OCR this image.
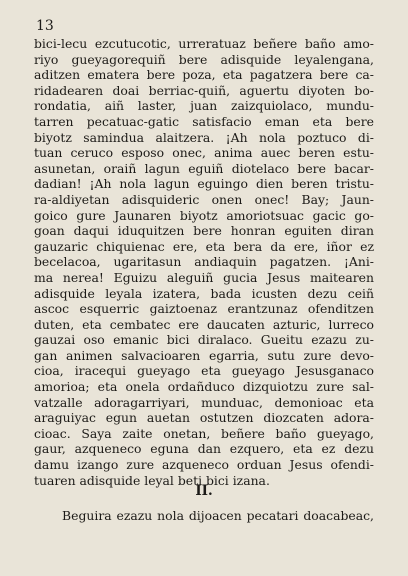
13
bici-lecu ezcutucotic, urreratuaz beñere baño amo-
riyo gueyagorequiñ bere adisquide leyalengana,
aditzen ematera bere poza, eta pagatzera bere ca-
ridadearen doai berriac-quiñ, aguertu diyoten bo-
rondatia, aiñ laster, juan zaizquiolaco, mundu-
tarren pecatuac-gatic satisfacio eman eta bere
biyotz samindua alaitzera. ¡Ah nola poztuco di-
tuan ceruco esposo onec, anima auec beren estu-
asunetan, oraiñ lagun eguiñ diotelaco bere bacar-
dadian! ¡Ah nola lagun eguingo dien beren tristu-
ra-aldiyetan adisquideric onen onec! Bay; Jaun-
goico gure Jaunaren biyotz amoriotsuac gacic go-
goan daqui iduquitzen bere honran eguiten diran
gauzaric chiquienac ere, eta bera da ere, iñor ez
becelacoa, ugaritasun andiaquin pagatzen. ¡Ani-
ma nerea! Eguizu aleguiñ gucia Jesus maitearen
adisquide leyala izatera, bada icusten dezu ceiñ
ascoc esquerric gaiztoenaz erantzunaz ofenditzen
duten, eta cembatec ere daucaten azturic, lurreco
gauzai oso emanic bici diralaco. Gueitu ezazu zu-
gan animen salvacioaren egarria, sutu zure devo-
cioa, iracequi gueyago eta gueyago Jesusganaco
amorioa; eta onela ordañduco dizquiotzu zure sal-
vatzalle adoragarriyari, munduac, demonioac eta
araguiyac egun auetan ostutzen diozcaten adora-
cioac. Saya zaite onetan, beñere baño gueyago,
gaur, azqueneco eguna dan ezquero, eta ez dezu
damu izango zure azqueneco orduan Jesus ofendi-
tuaren adisquide leyal beti bici izana.
II.
Beguira ezazu nola dijoacen pecatari doacabeac,
